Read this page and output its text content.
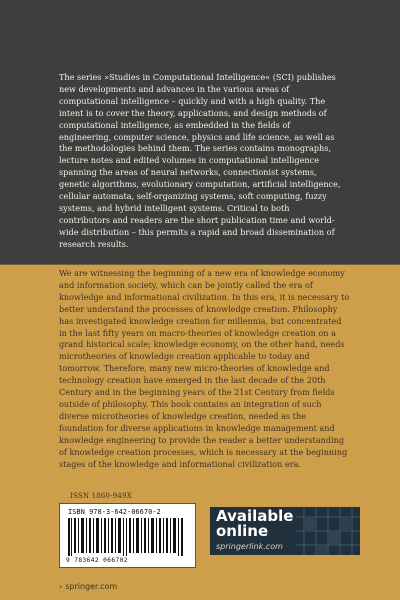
The series »Studies in Computational Intelligence« (SCI) publishes new developments and advances in the various areas of computational intelligence – quickly and with a high quality. The intent is to cover the theory, applications, and design methods of computational intelligence, as embedded in the fields of engineering, computer science, physics and life science, as well as the methodologies behind them. The series contains monographs, lecture notes and edited volumes in computational intelligence spanning the areas of neural networks, connectionist systems, genetic algorithms, evolutionary computation, artificial intelligence, cellular automata, self-organizing systems, soft computing, fuzzy systems, and hybrid intelligent systems. Critical to both contributors and readers are the short publication time and world-wide distribution – this permits a rapid and broad dissemination of research results.
We are witnessing the beginning of a new era of knowledge economy and information society, which can be jointly called the era of knowledge and informational civilization. In this era, it is necessary to better understand the processes of knowledge creation. Philosophy has investigated knowledge creation for millennia, but concentrated in the last fifty years on macro-theories of knowledge creation on a grand historical scale; knowledge economy, on the other hand, needs microtheories of knowledge creation applicable to today and tomorrow. Therefore, many new micro-theories of knowledge and technology creation have emerged in the last decade of the 20th Century and in the beginning years of the 21st Century from fields outside of philosophy. This book contains an integration of such diverse microtheories of knowledge creation, needed as the foundation for diverse applications in knowledge management and knowledge engineering to provide the reader a better understanding of knowledge creation processes, which is necessary at the beginning stages of the knowledge and informational civilization era.
ISSN 1860-949X
ISBN 978-3-642-06670-2
9 783642 066702
Available online
springerlink.com
› springer.com
